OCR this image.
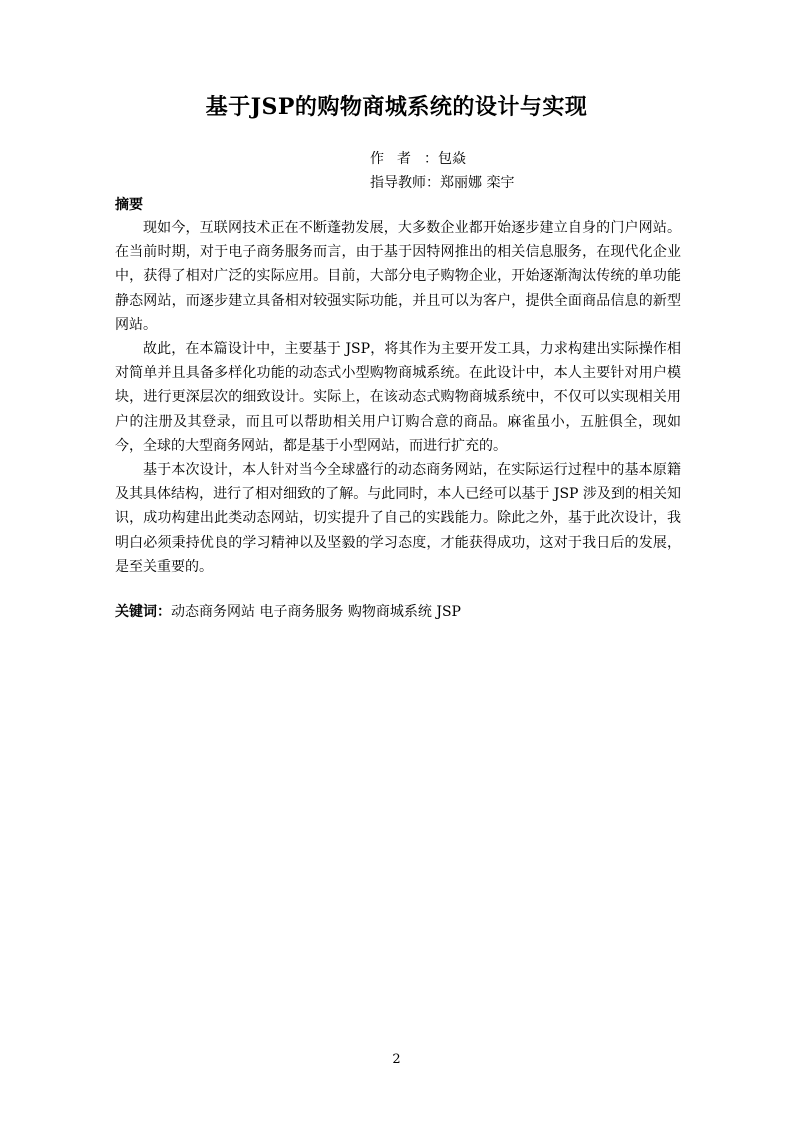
基于JSP的购物商城系统的设计与实现
作者：包焱
指导教师：郑丽娜 栾宇
摘要

现如今，互联网技术正在不断蓬勃发展，大多数企业都开始逐步建立自身的门户网站。在当前时期，对于电子商务服务而言，由于基于因特网推出的相关信息服务，在现代化企业中，获得了相对广泛的实际应用。目前，大部分电子购物企业，开始逐渐淘汰传统的单功能静态网站，而逐步建立具备相对较强实际功能，并且可以为客户，提供全面商品信息的新型网站。

故此，在本篇设计中，主要基于 JSP，将其作为主要开发工具，力求构建出实际操作相对简单并且具备多样化功能的动态式小型购物商城系统。在此设计中，本人主要针对用户模块，进行更深层次的细致设计。实际上，在该动态式购物商城系统中，不仅可以实现相关用户的注册及其登录，而且可以帮助相关用户订购合意的商品。麻雀虽小，五脏俱全，现如今，全球的大型商务网站，都是基于小型网站，而进行扩充的。

基于本次设计，本人针对当今全球盛行的动态商务网站，在实际运行过程中的基本原籍及其具体结构，进行了相对细致的了解。与此同时，本人已经可以基于 JSP 涉及到的相关知识，成功构建出此类动态网站，切实提升了自己的实践能力。除此之外，基于此次设计，我明白必须秉持优良的学习精神以及坚毅的学习态度，才能获得成功，这对于我日后的发展，是至关重要的。

关键词：动态商务网站 电子商务服务 购物商城系统 JSP
2
